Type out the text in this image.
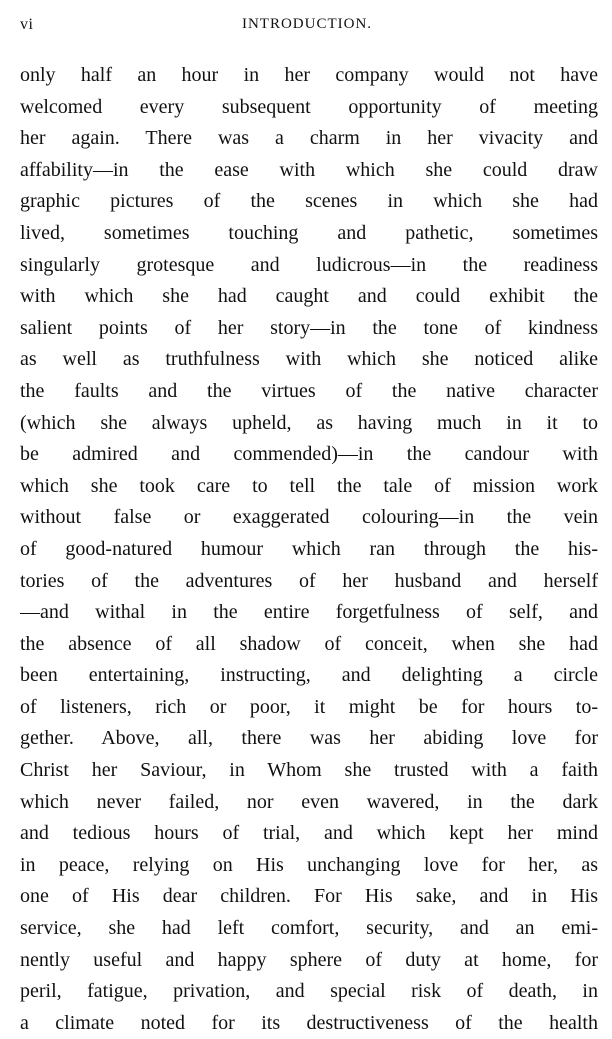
vi	INTRODUCTION.
only half an hour in her company would not have
welcomed every subsequent opportunity of meeting
her again. There was a charm in her vivacity and
affability—in the ease with which she could draw
graphic pictures of the scenes in which she had
lived, sometimes touching and pathetic, sometimes
singularly grotesque and ludicrous—in the readiness
with which she had caught and could exhibit the
salient points of her story—in the tone of kindness
as well as truthfulness with which she noticed alike
the faults and the virtues of the native character
(which she always upheld, as having much in it to
be admired and commended)—in the candour with
which she took care to tell the tale of mission work
without false or exaggerated colouring—in the vein
of good-natured humour which ran through the his-
tories of the adventures of her husband and herself
—and withal in the entire forgetfulness of self, and
the absence of all shadow of conceit, when she had
been entertaining, instructing, and delighting a circle
of listeners, rich or poor, it might be for hours to-
gether. Above, all, there was her abiding love for
Christ her Saviour, in Whom she trusted with a faith
which never failed, nor even wavered, in the dark
and tedious hours of trial, and which kept her mind
in peace, relying on His unchanging love for her, as
one of His dear children. For His sake, and in His
service, she had left comfort, security, and an emi-
nently useful and happy sphere of duty at home, for
peril, fatigue, privation, and special risk of death, in
a climate noted for its destructiveness of the health
